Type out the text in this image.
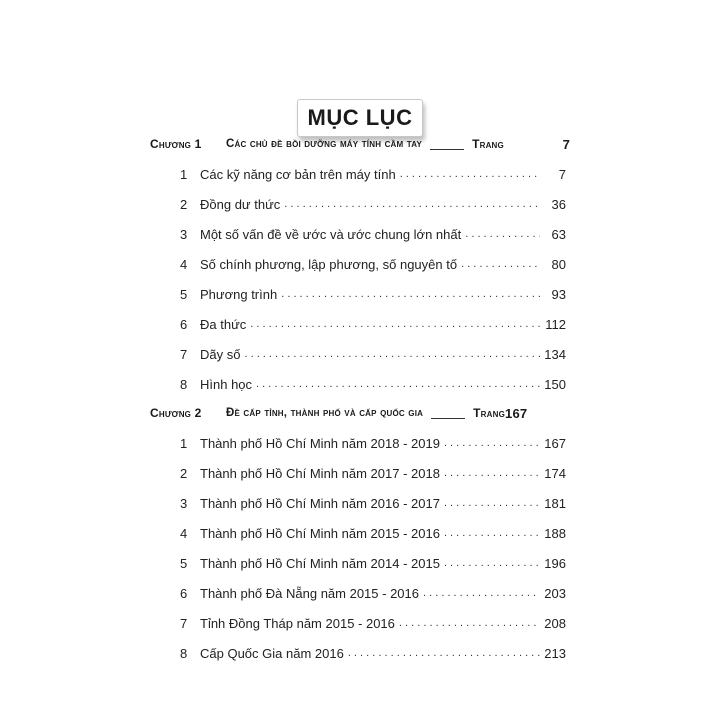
MỤC LỤC
Chương 1	Các chủ đề bồi dưỡng máy tính cầm tay	Trang	7
1 Các kỹ năng cơ bản trên máy tính . . .	7
2 Đồng dư thức . . .	36
3 Một số vấn đề về ước và ước chung lớn nhất . . .	63
4 Số chính phương, lập phương, số nguyên tố . . .	80
5 Phương trình . . .	93
6 Đa thức . . .	112
7 Dãy số . . .	134
8 Hình học . . .	150
Chương 2	Đề cấp tỉnh, thành phố và cấp quốc gia	Trang 167
1 Thành phố Hồ Chí Minh năm 2018 - 2019 . . .	167
2 Thành phố Hồ Chí Minh năm 2017 - 2018 . . .	174
3 Thành phố Hồ Chí Minh năm 2016 - 2017 . . .	181
4 Thành phố Hồ Chí Minh năm 2015 - 2016 . . .	188
5 Thành phố Hồ Chí Minh năm 2014 - 2015 . . .	196
6 Thành phố Đà Nẵng năm 2015 - 2016 . . .	203
7 Tỉnh Đồng Tháp năm 2015 - 2016 . . .	208
8 Cấp Quốc Gia năm 2016 . . .	213
